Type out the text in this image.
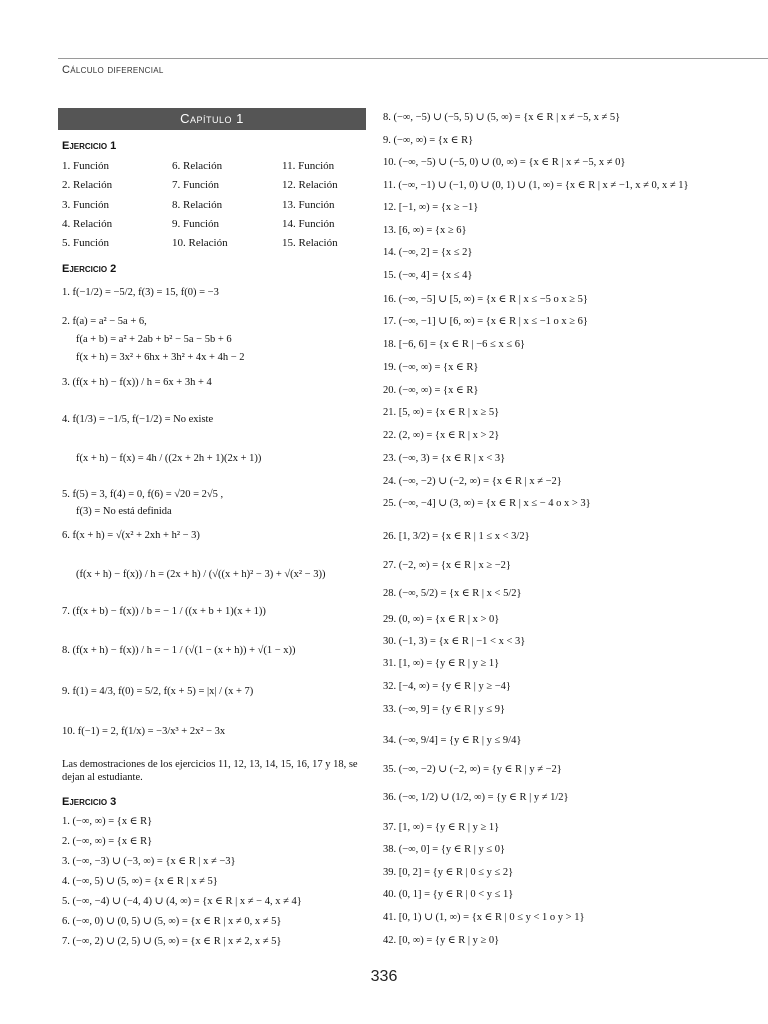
Cálculo diferencial
Capítulo 1
Ejercicio 1
1. Función	6. Relación	11. Función
2. Relación	7. Función	12. Relación
3. Función	8. Relación	13. Función
4. Relación	9. Función	14. Función
5. Función	10. Relación	15. Relación
Ejercicio 2
1. f(−1/2) = −5/2, f(3) = 15, f(0) = −3
2. f(a) = a² − 5a + 6,
f(a + b) = a² + 2ab + b² − 5a − 5b + 6
f(x + h) = 3x² + 6hx + 3h² + 4x + 4h − 2
3. (f(x + h) − f(x)) / h = 6x + 3h + 4
4. f(1/3) = −1/5, f(−1/2) = No existe
f(x + h) − f(x) = 4h / ((2x + 2h + 1)(2x + 1))
5. f(5) = 3, f(4) = 0, f(6) = √20 = 2√5 ,
f(3) = No está definida
6. f(x + h) = √(x² + 2xh + h² − 3)
(f(x + h) − f(x)) / h = (2x + h) / (√((x + h)² − 3) + √(x² − 3))
7. (f(x + b) − f(x)) / b = − 1 / ((x + b + 1)(x + 1))
8. (f(x + h) − f(x)) / h = − 1 / (√(1 − (x + h)) + √(1 − x))
9. f(1) = 4/3, f(0) = 5/2, f(x + 5) = |x| / (x + 7)
10. f(−1) = 2, f(1/x) = −3/x³ + 2x² − 3x
Las demostraciones de los ejercicios 11, 12, 13, 14, 15, 16, 17 y 18, se dejan al estudiante.
Ejercicio 3
1. (−∞, ∞) = {x ∈ R}
2. (−∞, ∞) = {x ∈ R}
3. (−∞, −3) ∪ (−3, ∞) = {x ∈ R | x ≠ −3}
4. (−∞, 5) ∪ (5, ∞) = {x ∈ R | x ≠ 5}
5. (−∞, −4) ∪ (−4, 4) ∪ (4, ∞) = {x ∈ R | x ≠ − 4, x ≠ 4}
6. (−∞, 0) ∪ (0, 5) ∪ (5, ∞) = {x ∈ R | x ≠ 0, x ≠ 5}
7. (−∞, 2) ∪ (2, 5) ∪ (5, ∞) = {x ∈ R | x ≠ 2, x ≠ 5}
8. (−∞, −5) ∪ (−5, 5) ∪ (5, ∞) = {x ∈ R | x ≠ −5, x ≠ 5}
9. (−∞, ∞) = {x ∈ R}
10. (−∞, −5) ∪ (−5, 0) ∪ (0, ∞) = {x ∈ R | x ≠ −5, x ≠ 0}
11. (−∞, −1) ∪ (−1, 0) ∪ (0, 1) ∪ (1, ∞) = {x ∈ R | x ≠ −1, x ≠ 0, x ≠ 1}
12. [−1, ∞) = {x ≥ −1}
13. [6, ∞) = {x ≥ 6}
14. (−∞, 2] = {x ≤ 2}
15. (−∞, 4] = {x ≤ 4}
16. (−∞, −5] ∪ [5, ∞) = {x ∈ R | x ≤ −5 o x ≥ 5}
17. (−∞, −1] ∪ [6, ∞) = {x ∈ R | x ≤ −1 o x ≥ 6}
18. [−6, 6] = {x ∈ R | −6 ≤ x ≤ 6}
19. (−∞, ∞) = {x ∈ R}
20. (−∞, ∞) = {x ∈ R}
21. [5, ∞) = {x ∈ R | x ≥ 5}
22. (2, ∞) = {x ∈ R | x > 2}
23. (−∞, 3) = {x ∈ R | x < 3}
24. (−∞, −2) ∪ (−2, ∞) = {x ∈ R | x ≠ −2}
25. (−∞, −4] ∪ (3, ∞) = {x ∈ R | x ≤ − 4 o x > 3}
26. [1, 3/2) = {x ∈ R | 1 ≤ x < 3/2}
27. (−2, ∞) = {x ∈ R | x ≥ −2}
28. (−∞, 5/2) = {x ∈ R | x < 5/2}
29. (0, ∞) = {x ∈ R | x > 0}
30. (−1, 3) = {x ∈ R | −1 < x < 3}
31. [1, ∞) = {y ∈ R | y ≥ 1}
32. [−4, ∞) = {y ∈ R | y ≥ −4}
33. (−∞, 9] = {y ∈ R | y ≤ 9}
34. (−∞, 9/4] = {y ∈ R | y ≤ 9/4}
35. (−∞, −2) ∪ (−2, ∞) = {y ∈ R | y ≠ −2}
36. (−∞, 1/2) ∪ (1/2, ∞) = {y ∈ R | y ≠ 1/2}
37. [1, ∞) = {y ∈ R | y ≥ 1}
38. (−∞, 0] = {y ∈ R | y ≤ 0}
39. [0, 2] = {y ∈ R | 0 ≤ y ≤ 2}
40. (0, 1] = {y ∈ R | 0 < y ≤ 1}
41. [0, 1) ∪ (1, ∞) = {x ∈ R | 0 ≤ y < 1 o y > 1}
42. [0, ∞) = {y ∈ R | y ≥ 0}
336
